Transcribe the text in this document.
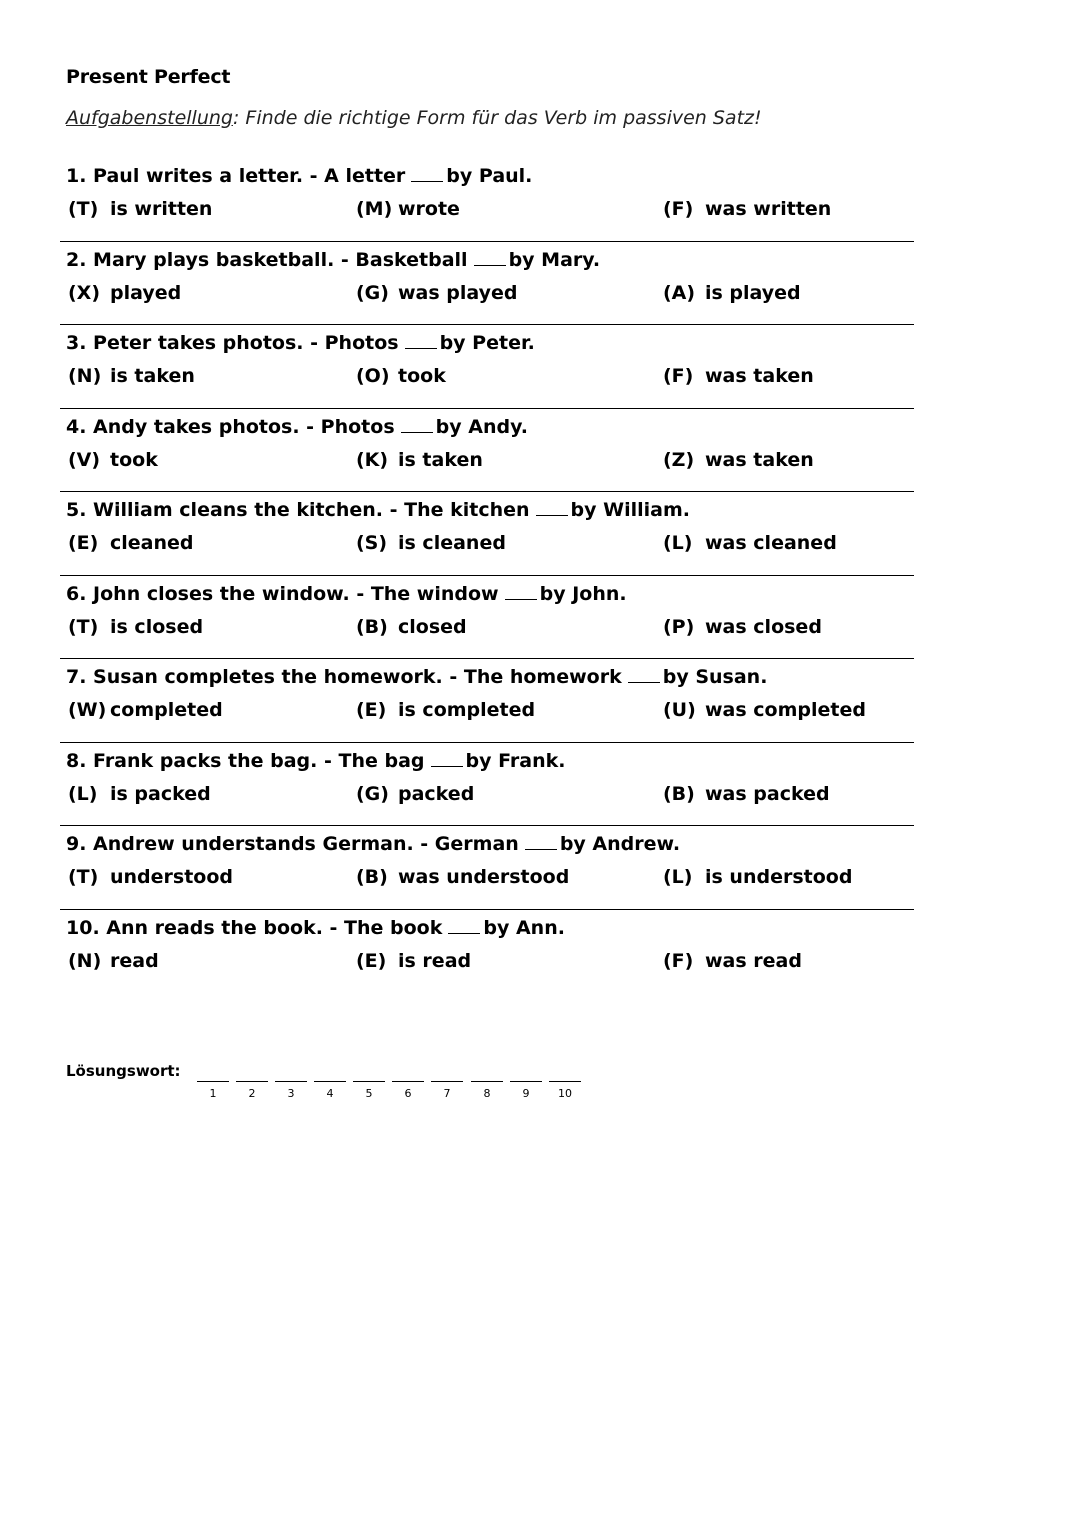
Present Perfect
Aufgabenstellung: Finde die richtige Form für das Verb im passiven Satz!
1. Paul writes a letter. - A letter by Paul.
(T) is written	(M) wrote	(F) was written
2. Mary plays basketball. - Basketball by Mary.
(X) played	(G) was played	(A) is played
3. Peter takes photos. - Photos by Peter.
(N) is taken	(O) took	(F) was taken
4. Andy takes photos. - Photos by Andy.
(V) took	(K) is taken	(Z) was taken
5. William cleans the kitchen. - The kitchen by William.
(E) cleaned	(S) is cleaned	(L) was cleaned
6. John closes the window. - The window by John.
(T) is closed	(B) closed	(P) was closed
7. Susan completes the homework. - The homework by Susan.
(W) completed	(E) is completed	(U) was completed
8. Frank packs the bag. - The bag by Frank.
(L) is packed	(G) packed	(B) was packed
9. Andrew understands German. - German by Andrew.
(T) understood	(B) was understood	(L) is understood
10. Ann reads the book. - The book by Ann.
(N) read	(E) is read	(F) was read
Lösungswort:
1	2	3	4	5	6	7	8	9	10
